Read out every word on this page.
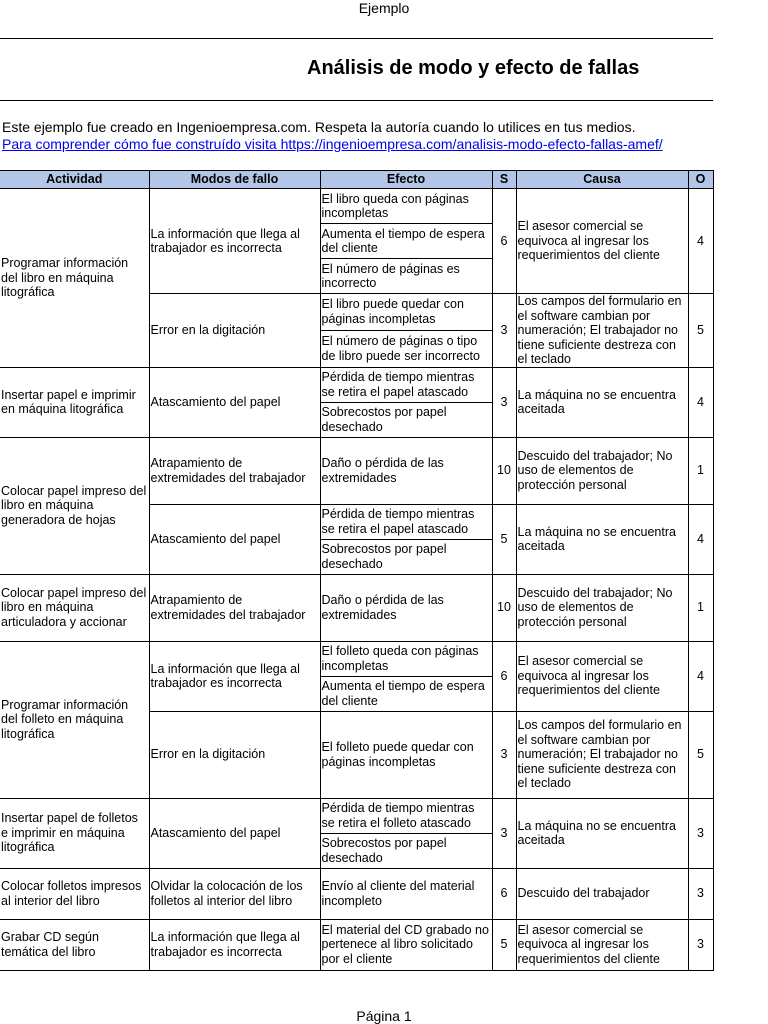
Ejemplo
Análisis de modo y efecto de fallas
Este ejemplo fue creado en Ingenioempresa.com. Respeta la autoría cuando lo utilices en tus medios.
Para comprender cómo fue construído visita https://ingenioempresa.com/analisis-modo-efecto-fallas-amef/
Actividad	Modos de fallo	Efecto	S	Causa	O
Programar información del libro en máquina litográfica	La información que llega al trabajador es incorrecta	El libro queda con páginas incompletas	6	El asesor comercial se equivoca al ingresar los requerimientos del cliente	4
		Aumenta el tiempo de espera del cliente			
		El número de páginas es incorrecto			
	Error en la digitación	El libro puede quedar con páginas incompletas	3	Los campos del formulario en el software cambian por numeración; El trabajador no tiene suficiente destreza con el teclado	5
		El número de páginas o tipo de libro puede ser incorrecto			
Insertar papel e imprimir en máquina litográfica	Atascamiento del papel	Pérdida de tiempo mientras se retira el papel atascado	3	La máquina no se encuentra aceitada	4
		Sobrecostos por papel desechado			
Colocar papel impreso del libro en máquina generadora de hojas	Atrapamiento de extremidades del trabajador	Daño o pérdida de las extremidades	10	Descuido del trabajador; No uso de elementos de protección personal	1
	Atascamiento del papel	Pérdida de tiempo mientras se retira el papel atascado	5	La máquina no se encuentra aceitada	4
		Sobrecostos por papel desechado			
Colocar papel impreso del libro en máquina articuladora y accionar	Atrapamiento de extremidades del trabajador	Daño o pérdida de las extremidades	10	Descuido del trabajador; No uso de elementos de protección personal	1
Programar información del folleto en máquina litográfica	La información que llega al trabajador es incorrecta	El folleto queda con páginas incompletas	6	El asesor comercial se equivoca al ingresar los requerimientos del cliente	4
		Aumenta el tiempo de espera del cliente			
	Error en la digitación	El folleto puede quedar con páginas incompletas	3	Los campos del formulario en el software cambian por numeración; El trabajador no tiene suficiente destreza con el teclado	5
Insertar papel de folletos e imprimir en máquina litográfica	Atascamiento del papel	Pérdida de tiempo mientras se retira el folleto atascado	3	La máquina no se encuentra aceitada	3
		Sobrecostos por papel desechado			
Colocar folletos impresos al interior del libro	Olvidar la colocación de los folletos al interior del libro	Envío al cliente del material incompleto	6	Descuido del trabajador	3
Grabar CD según temática del libro	La información que llega al trabajador es incorrecta	El material del CD grabado no pertenece al libro solicitado por el cliente	5	El asesor comercial se equivoca al ingresar los requerimientos del cliente	3
Página 1
